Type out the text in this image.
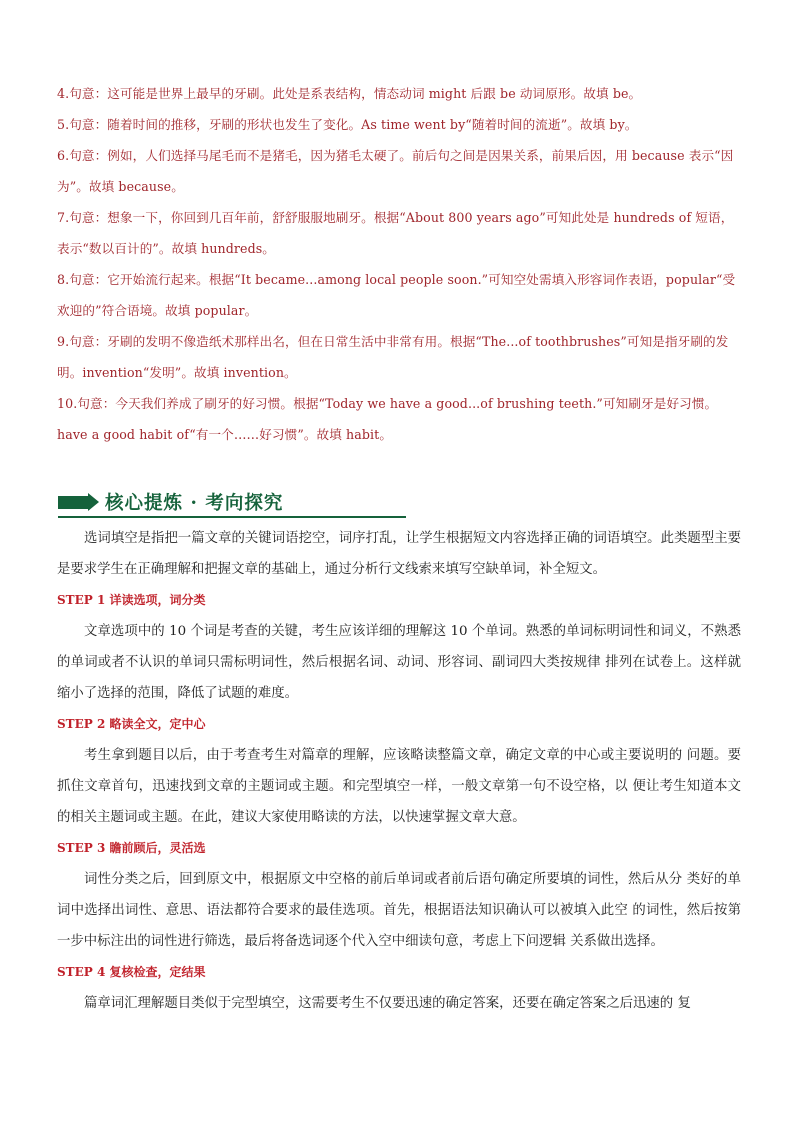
4.句意：这可能是世界上最早的牙刷。此处是系表结构，情态动词 might 后跟 be 动词原形。故填 be。

5.句意：随着时间的推移，牙刷的形状也发生了变化。As time went by“随着时间的流逝”。故填 by。

6.句意：例如，人们选择马尾毛而不是猪毛，因为猪毛太硬了。前后句之间是因果关系，前果后因，用 because 表示“因为”。故填 because。

7.句意：想象一下，你回到几百年前，舒舒服服地刷牙。根据“About 800 years ago”可知此处是 hundreds of 短语，表示“数以百计的”。故填 hundreds。

8.句意：它开始流行起来。根据“It became...among local people soon.”可知空处需填入形容词作表语，popular“受欢迎的”符合语境。故填 popular。

9.句意：牙刷的发明不像造纸术那样出名，但在日常生活中非常有用。根据“The...of toothbrushes”可知是指牙刷的发明。invention“发明”。故填 invention。

10.句意：今天我们养成了刷牙的好习惯。根据“Today we have a good...of brushing teeth.”可知刷牙是好习惯。have a good habit of“有一个……好习惯”。故填 habit。

核心提炼 · 考向探究

选词填空是指把一篇文章的关键词语挖空，词序打乱，让学生根据短文内容选择正确的词语填空。此类题型主要是要求学生在正确理解和把握文章的基础上，通过分析行文线索来填写空缺单词，补全短文。

STEP 1 详读选项，词分类

文章选项中的 10 个词是考查的关键，考生应该详细的理解这 10 个单词。熟悉的单词标明词性和词义，不熟悉的单词或者不认识的单词只需标明词性，然后根据名词、动词、形容词、副词四大类按规律 排列在试卷上。这样就缩小了选择的范围，降低了试题的难度。

STEP 2 略读全文，定中心

考生拿到题目以后，由于考查考生对篇章的理解，应该略读整篇文章，确定文章的中心或主要说明的 问题。要抓住文章首句，迅速找到文章的主题词或主题。和完型填空一样，一般文章第一句不设空格，以 便让考生知道本文的相关主题词或主题。在此，建议大家使用略读的方法，以快速掌握文章大意。

STEP 3 瞻前顾后，灵活选

词性分类之后，回到原文中，根据原文中空格的前后单词或者前后语句确定所要填的词性，然后从分 类好的单词中选择出词性、意思、语法都符合要求的最佳选项。首先，根据语法知识确认可以被填入此空 的词性，然后按第一步中标注出的词性进行筛选，最后将备选词逐个代入空中细读句意，考虑上下问逻辑 关系做出选择。

STEP 4 复核检查，定结果

篇章词汇理解题目类似于完型填空，这需要考生不仅要迅速的确定答案，还要在确定答案之后迅速的 复
